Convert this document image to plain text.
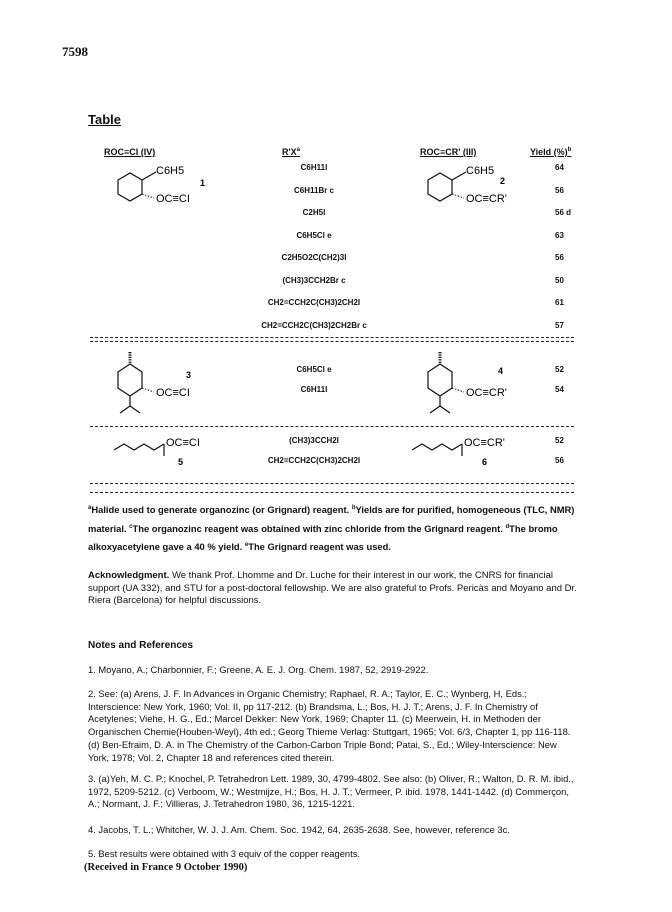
7598
Table
ROC≡CI (IV)	$R'X^a$	ROC≡CR' (III)	Yield (%)$^b$
C6H5
OC≡CI
1
C6H5
OC≡CR'
2
C6H11I	64
C6H11Br c	56
C2H5I	56 d
C6H5Cl e	63
C2H5O2C(CH2)3I	56
(CH3)3CCH2Br c	50
CH2=CCH2C(CH3)2CH2I	61
CH2=CCH2C(CH3)2CH2Br c	57
OC≡CI
3
OC≡CR'
4
C6H5Cl e	52
C6H11I	54
OC≡CI
5
OC≡CR'
6
(CH3)3CCH2I	52
CH2=CCH2C(CH3)2CH2I	56
$^a$Halide used to generate organozinc (or Grignard) reagent. $^b$Yields are for purified, homogeneous (TLC, NMR) material. $^c$The organozinc reagent was obtained with zinc chloride from the Grignard reagent. $^d$The bromo alkoxyacetylene gave a 40 % yield. $^e$The Grignard reagent was used.
Acknowledgment. We thank Prof. Lhomme and Dr. Luche for their interest in our work, the CNRS for financial support (UA 332), and STU for a post-doctoral fellowship. We are also grateful to Profs. Pericàs and Moyano and Dr. Riera (Barcelona) for helpful discussions.
Notes and References
1. Moyano, A.; Charbonnier, F.; Greene, A. E. J. Org. Chem. 1987, 52, 2919-2922.
2. See: (a) Arens, J. F. In Advances in Organic Chemistry; Raphael, R. A.; Taylor, E. C.; Wynberg, H, Eds.; Interscience: New York, 1960; Vol. II, pp 117-212. (b) Brandsma, L.; Bos, H. J. T.; Arens, J. F. In Chemistry of Acetylenes; Viehe, H. G., Ed.; Marcel Dekker: New York, 1969; Chapter 11. (c) Meerwein, H. in Methoden der Organischen Chemie(Houben-Weyl), 4th ed.; Georg Thieme Verlag: Stuttgart, 1965; Vol. 6/3, Chapter 1, pp 116-118. (d) Ben-Efraim, D. A. in The Chemistry of the Carbon-Carbon Triple Bond; Patai, S., Ed.; Wiley-Interscience: New York, 1978; Vol. 2, Chapter 18 and references cited therein.
3. (a)Yeh, M. C. P.; Knochel, P. Tetrahedron Lett. 1989, 30, 4799-4802. See also: (b) Oliver, R.; Walton, D. R. M. ibid., 1972, 5209-5212. (c) Verboom, W.; Westmijze, H.; Bos, H. J. T.; Vermeer, P. ibid. 1978, 1441-1442. (d) Commerçon, A.; Normant, J. F.; Villieras, J. Tetrahedron 1980, 36, 1215-1221.
4. Jacobs, T. L.; Whitcher, W. J. J. Am. Chem. Soc. 1942, 64, 2635-2638. See, however, reference 3c.
5. Best results were obtained with 3 equiv of the copper reagents.
(Received in France 9 October 1990)
